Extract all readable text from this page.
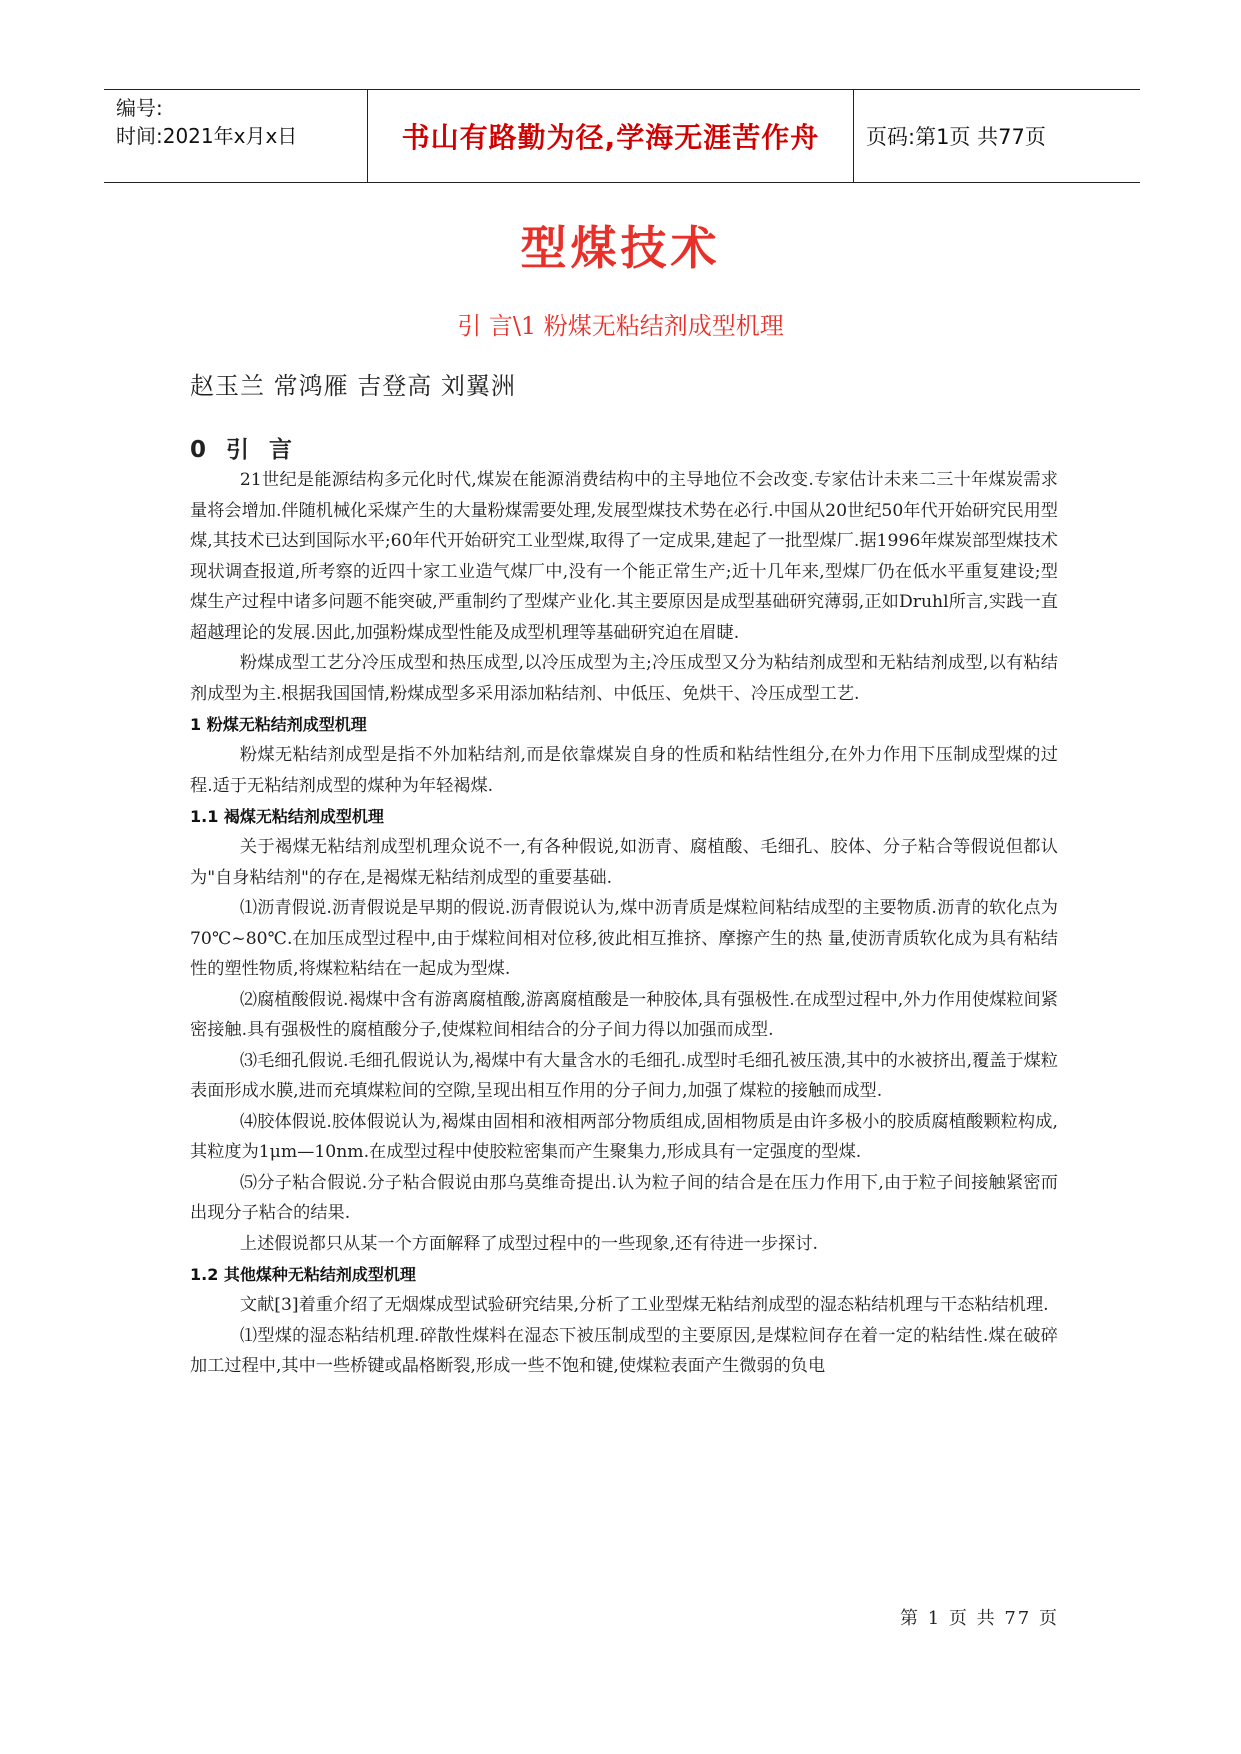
编号:
时间:2021年x月x日	书山有路勤为径,学海无涯苦作舟 页码:第1页 共77页
型煤技术
引 言\1 粉煤无粘结剂成型机理
赵玉兰 常鸿雁 吉登高 刘翼洲
0 引 言

21世纪是能源结构多元化时代,煤炭在能源消费结构中的主导地位不会改变.专家估计未来二三十年煤炭需求量将会增加.伴随机械化采煤产生的大量粉煤需要处理,发展型煤技术势在必行.中国从20世纪50年代开始研究民用型煤,其技术已达到国际水平;60年代开始研究工业型煤,取得了一定成果,建起了一批型煤厂.据1996年煤炭部型煤技术现状调查报道,所考察的近四十家工业造气煤厂中,没有一个能正常生产;近十几年来,型煤厂仍在低水平重复建设;型煤生产过程中诸多问题不能突破,严重制约了型煤产业化.其主要原因是成型基础研究薄弱,正如Druhl所言,实践一直超越理论的发展.因此,加强粉煤成型性能及成型机理等基础研究迫在眉睫.

粉煤成型工艺分冷压成型和热压成型,以冷压成型为主;冷压成型又分为粘结剂成型和无粘结剂成型,以有粘结剂成型为主.根据我国国情,粉煤成型多采用添加粘结剂、中低压、免烘干、冷压成型工艺.

1 粉煤无粘结剂成型机理

粉煤无粘结剂成型是指不外加粘结剂,而是依靠煤炭自身的性质和粘结性组分,在外力作用下压制成型煤的过程.适于无粘结剂成型的煤种为年轻褐煤.

1.1 褐煤无粘结剂成型机理

关于褐煤无粘结剂成型机理众说不一,有各种假说,如沥青、腐植酸、毛细孔、胶体、分子粘合等假说但都认为"自身粘结剂"的存在,是褐煤无粘结剂成型的重要基础.

⑴沥青假说.沥青假说是早期的假说.沥青假说认为,煤中沥青质是煤粒间粘结成型的主要物质.沥青的软化点为70℃~80℃.在加压成型过程中,由于煤粒间相对位移,彼此相互推挤、摩擦产生的热 量,使沥青质软化成为具有粘结性的塑性物质,将煤粒粘结在一起成为型煤.

⑵腐植酸假说.褐煤中含有游离腐植酸,游离腐植酸是一种胶体,具有强极性.在成型过程中,外力作用使煤粒间紧密接触.具有强极性的腐植酸分子,使煤粒间相结合的分子间力得以加强而成型.

⑶毛细孔假说.毛细孔假说认为,褐煤中有大量含水的毛细孔.成型时毛细孔被压溃,其中的水被挤出,覆盖于煤粒表面形成水膜,进而充填煤粒间的空隙,呈现出相互作用的分子间力,加强了煤粒的接触而成型.

⑷胶体假说.胶体假说认为,褐煤由固相和液相两部分物质组成,固相物质是由许多极小的胶质腐植酸颗粒构成,其粒度为1μm—10nm.在成型过程中使胶粒密集而产生聚集力,形成具有一定强度的型煤.

⑸分子粘合假说.分子粘合假说由那乌莫维奇提出.认为粒子间的结合是在压力作用下,由于粒子间接触紧密而出现分子粘合的结果.

上述假说都只从某一个方面解释了成型过程中的一些现象,还有待进一步探讨.

1.2 其他煤种无粘结剂成型机理

文献[3]着重介绍了无烟煤成型试验研究结果,分析了工业型煤无粘结剂成型的湿态粘结机理与干态粘结机理.

⑴型煤的湿态粘结机理.碎散性煤料在湿态下被压制成型的主要原因,是煤粒间存在着一定的粘结性.煤在破碎加工过程中,其中一些桥键或晶格断裂,形成一些不饱和键,使煤粒表面产生微弱的负电

第 1 页 共 77 页
